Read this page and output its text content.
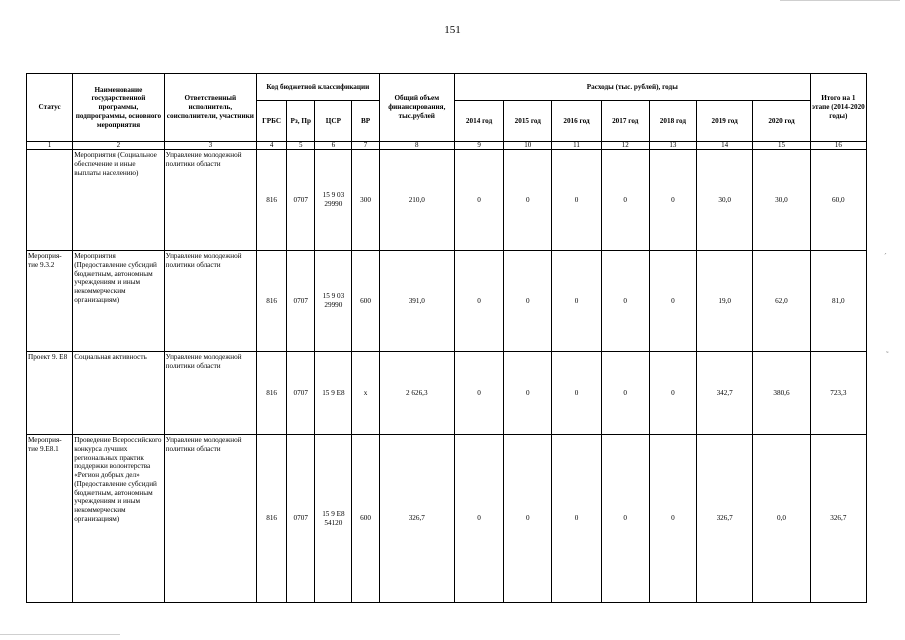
151
Статус	Наименование государственной программы, подпрограммы, основного мероприятия	Ответственный исполнитель, соисполнители, участники	Код бюджетной классификации				Общий объем финансирования, тыс.рублей	Расходы (тыс. рублей), годы							Итого на 1 этапе (2014-2020 годы)
			ГРБС	Рз, Пр	ЦСР	ВР		2014 год	2015 год	2016 год	2017 год	2018 год	2019 год	2020 год	
1	2	3	4	5	6	7	8	9	10	11	12	13	14	15	16
	Мероприятия (Социальное обеспечение и иные выплаты населению)	Управление молодежной политики области	816	0707	15 9 03 29990	300	210,0	0	0	0	0	0	30,0	30,0	60,0
Мероприя-тие 9.3.2	Мероприятия (Предоставление субсидий бюджетным, автономным учреждениям и иным некоммерческим организациям)	Управление молодежной политики области	816	0707	15 9 03 29990	600	391,0	0	0	0	0	0	19,0	62,0	81,0
Проект 9. Е8	Социальная активность	Управление молодежной политики области	816	0707	15 9 Е8	х	2 626,3	0	0	0	0	0	342,7	380,6	723,3
Мероприя-тие 9.Е8.1	Проведение Всероссийского конкурса лучших региональных практик поддержки волонтерства «Регион добрых дел» (Предоставление субсидий бюджетным, автономным учреждениям и иным некоммерческим организациям)	Управление молодежной политики области	816	0707	15 9 Е8 54120	600	326,7	0	0	0	0	0	326,7	0,0	326,7
ˊ
˜
